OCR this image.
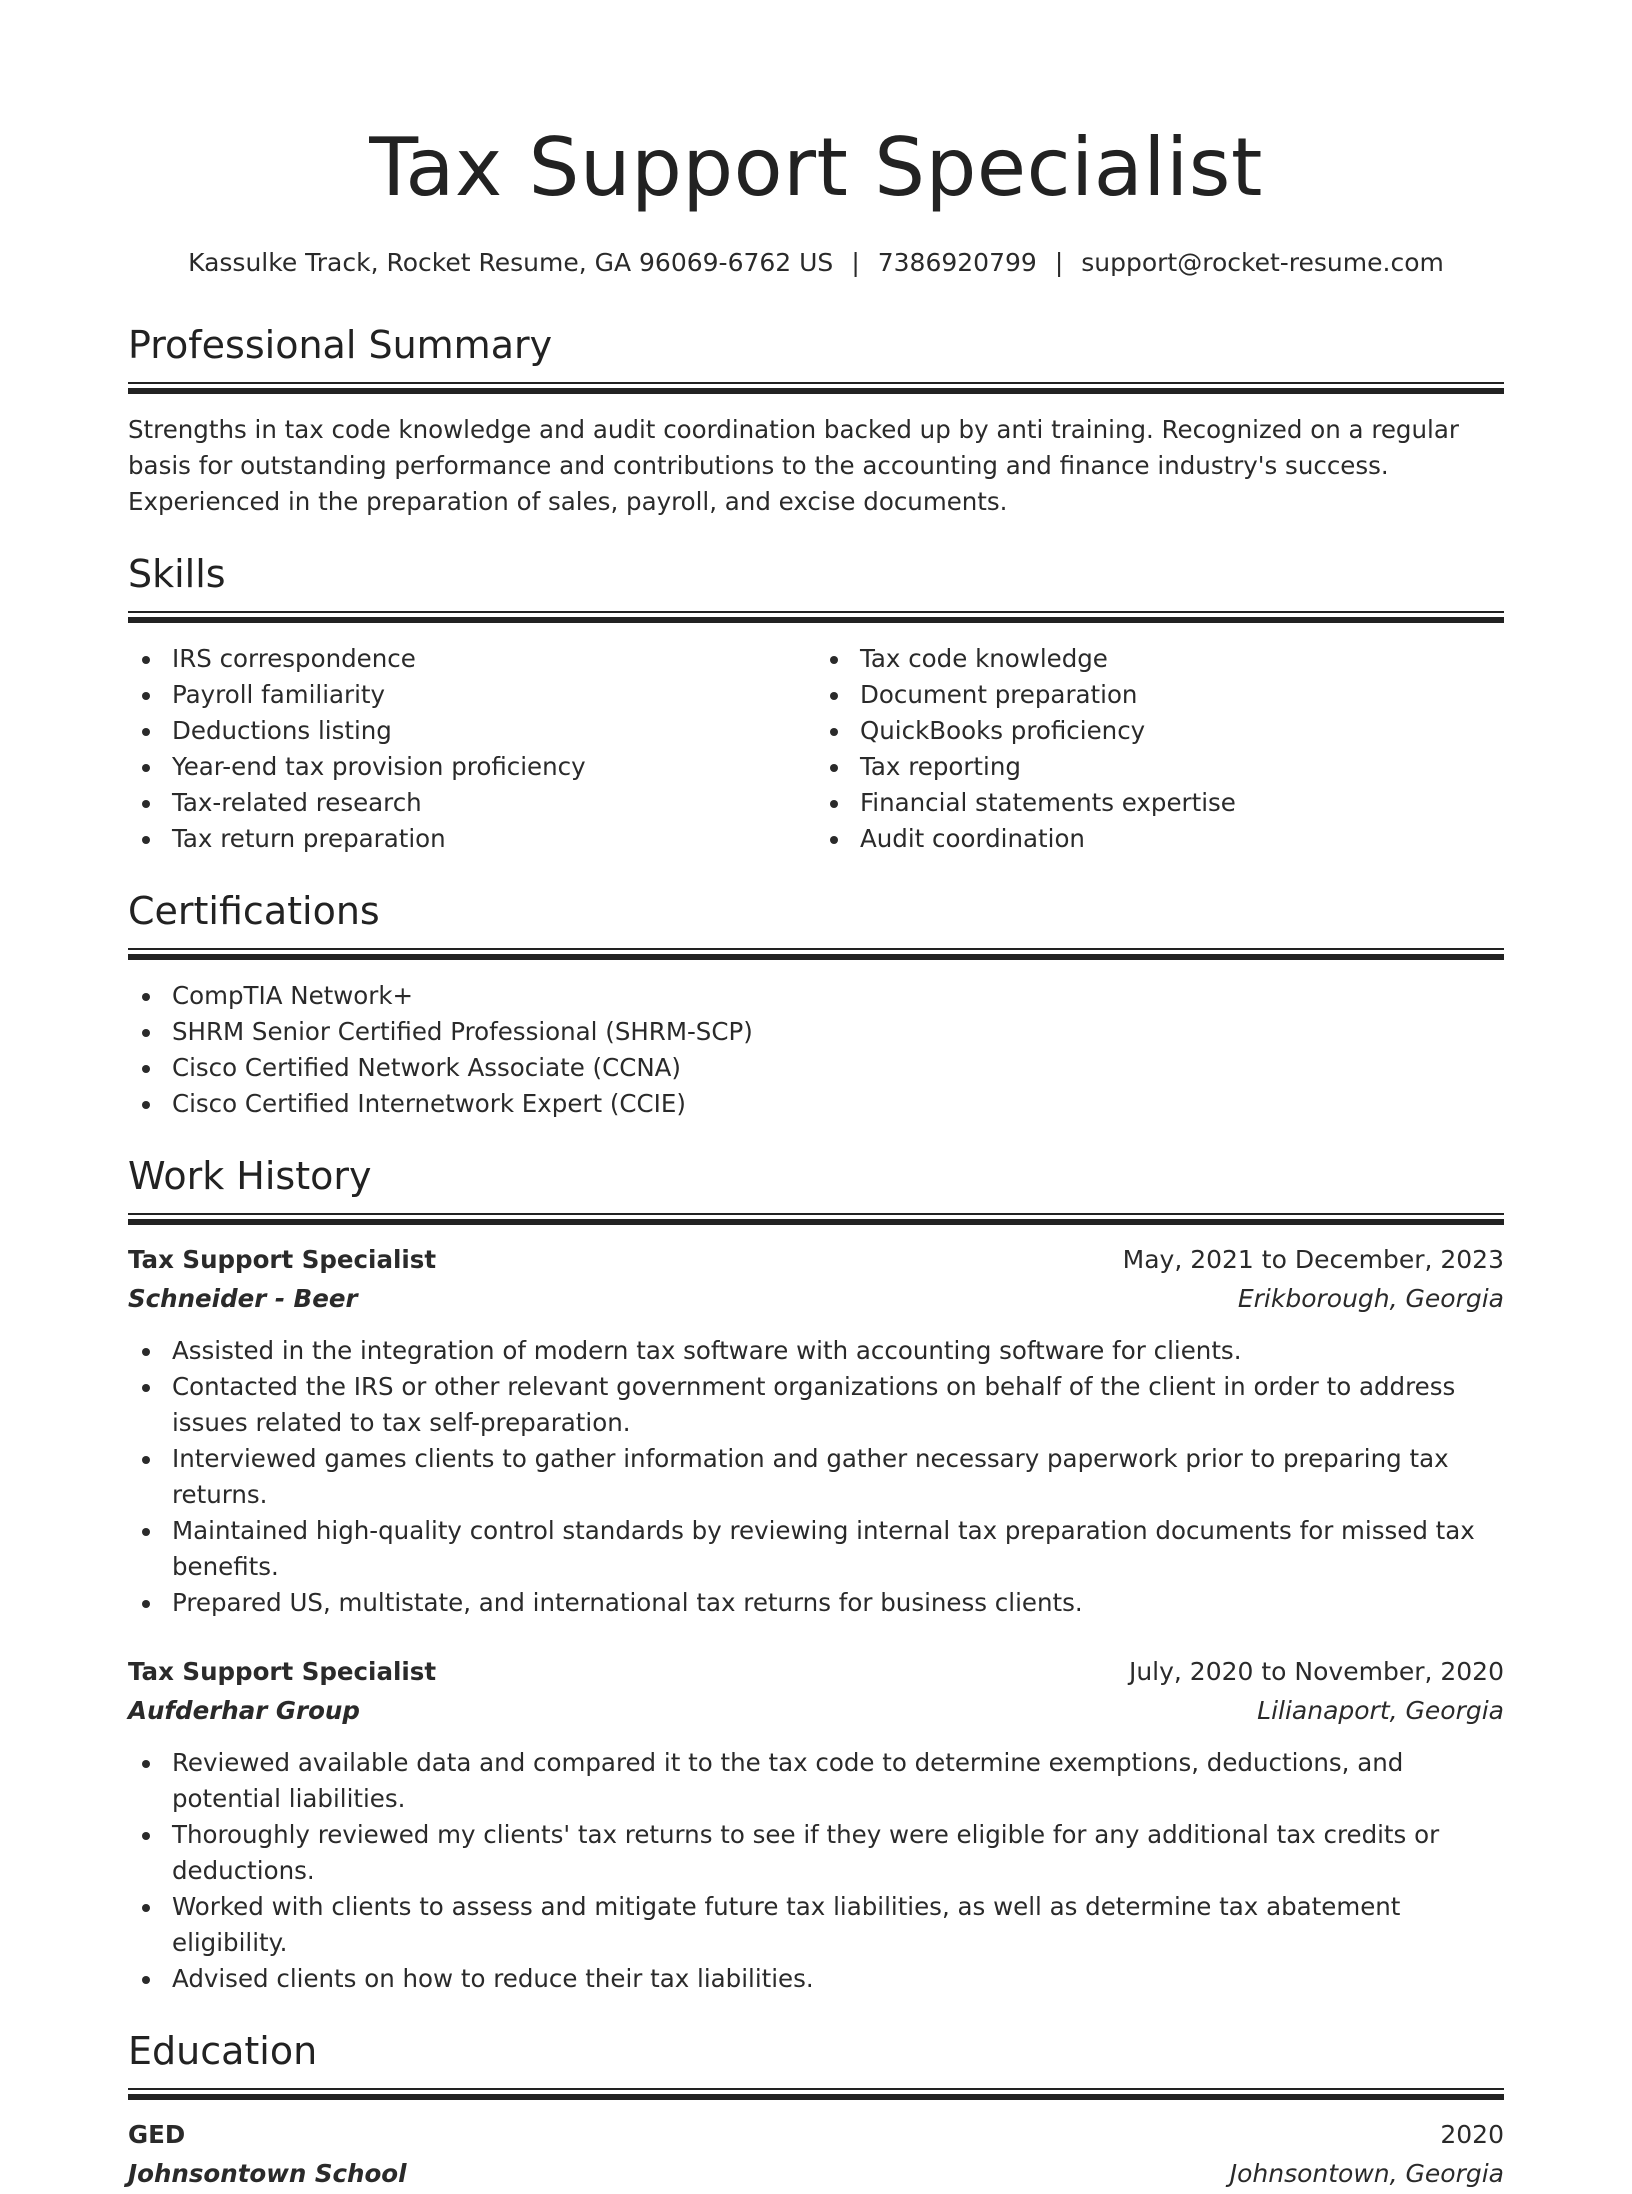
Tax Support Specialist
Kassulke Track, Rocket Resume, GA 96069-6762 US | 7386920799 | support@rocket-resume.com
Professional Summary
Strengths in tax code knowledge and audit coordination backed up by anti training. Recognized on a regular basis for outstanding performance and contributions to the accounting and finance industry's success. Experienced in the preparation of sales, payroll, and excise documents.
Skills
IRS correspondence
Payroll familiarity
Deductions listing
Year-end tax provision proficiency
Tax-related research
Tax return preparation
Tax code knowledge
Document preparation
QuickBooks proficiency
Tax reporting
Financial statements expertise
Audit coordination
Certifications
CompTIA Network+
SHRM Senior Certified Professional (SHRM-SCP)
Cisco Certified Network Associate (CCNA)
Cisco Certified Internetwork Expert (CCIE)
Work History
Tax Support Specialist	May, 2021 to December, 2023
Schneider - Beer	Erikborough, Georgia
Assisted in the integration of modern tax software with accounting software for clients.
Contacted the IRS or other relevant government organizations on behalf of the client in order to address issues related to tax self-preparation.
Interviewed games clients to gather information and gather necessary paperwork prior to preparing tax returns.
Maintained high-quality control standards by reviewing internal tax preparation documents for missed tax benefits.
Prepared US, multistate, and international tax returns for business clients.
Tax Support Specialist	July, 2020 to November, 2020
Aufderhar Group	Lilianaport, Georgia
Reviewed available data and compared it to the tax code to determine exemptions, deductions, and potential liabilities.
Thoroughly reviewed my clients' tax returns to see if they were eligible for any additional tax credits or deductions.
Worked with clients to assess and mitigate future tax liabilities, as well as determine tax abatement eligibility.
Advised clients on how to reduce their tax liabilities.
Education
GED	2020
Johnsontown School	Johnsontown, Georgia
